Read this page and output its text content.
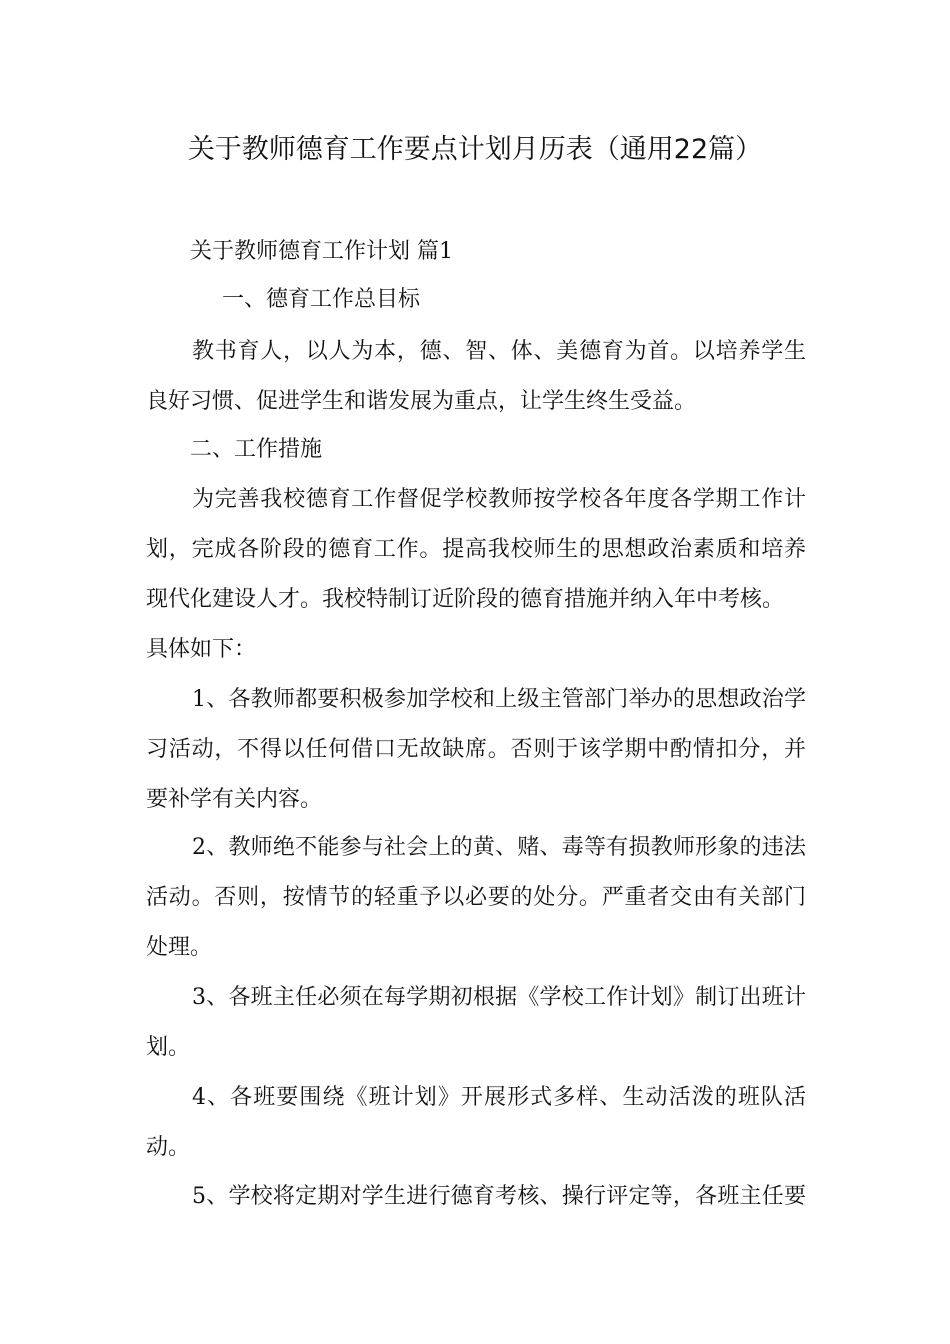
关于教师德育工作要点计划月历表（通用22篇）
关于教师德育工作计划 篇1
一、德育工作总目标
教书育人，以人为本，德、智、体、美德育为首。以培养学生
良好习惯、促进学生和谐发展为重点，让学生终生受益。
二、工作措施
为完善我校德育工作督促学校教师按学校各年度各学期工作计
划，完成各阶段的德育工作。提高我校师生的思想政治素质和培养
现代化建设人才。我校特制订近阶段的德育措施并纳入年中考核。
具体如下：
1、各教师都要积极参加学校和上级主管部门举办的思想政治学
习活动，不得以任何借口无故缺席。否则于该学期中酌情扣分，并
要补学有关内容。
2、教师绝不能参与社会上的黄、赌、毒等有损教师形象的违法
活动。否则，按情节的轻重予以必要的处分。严重者交由有关部门
处理。
3、各班主任必须在每学期初根据《学校工作计划》制订出班计
划。
4、各班要围绕《班计划》开展形式多样、生动活泼的班队活
动。
5、学校将定期对学生进行德育考核、操行评定等，各班主任要
